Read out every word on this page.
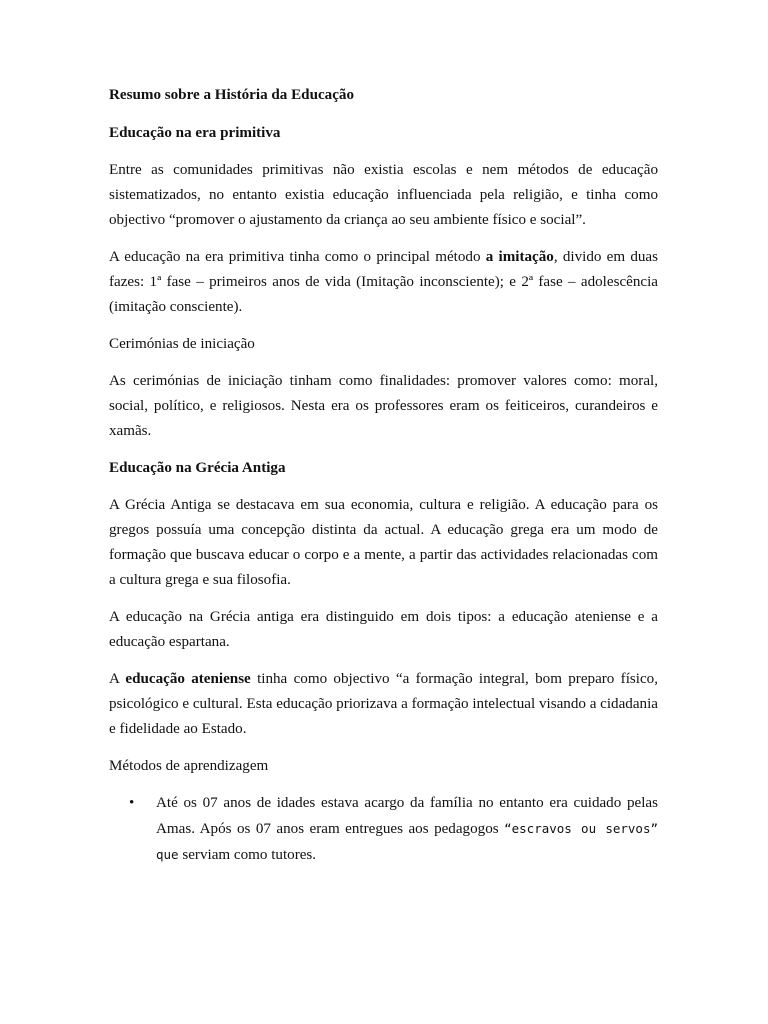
Resumo sobre a História da Educação

Educação na era primitiva

Entre as comunidades primitivas não existia escolas e nem métodos de educação sistematizados, no entanto existia educação influenciada pela religião, e tinha como objectivo “promover o ajustamento da criança ao seu ambiente físico e social”.

A educação na era primitiva tinha como o principal método a imitação, divido em duas fazes: 1ª fase – primeiros anos de vida (Imitação inconsciente); e 2ª fase – adolescência (imitação consciente).

Cerimónias de iniciação

As cerimónias de iniciação tinham como finalidades: promover valores como: moral, social, político, e religiosos. Nesta era os professores eram os feiticeiros, curandeiros e xamãs.

Educação na Grécia Antiga

A Grécia Antiga se destacava em sua economia, cultura e religião. A educação para os gregos possuía uma concepção distinta da actual. A educação grega era um modo de formação que buscava educar o corpo e a mente, a partir das actividades relacionadas com a cultura grega e sua filosofia.

A educação na Grécia antiga era distinguido em dois tipos: a educação ateniense e a educação espartana.

A educação ateniense tinha como objectivo “a formação integral, bom preparo físico, psicológico e cultural. Esta educação priorizava a formação intelectual visando a cidadania e fidelidade ao Estado.

Métodos de aprendizagem

• Até os 07 anos de idades estava acargo da família no entanto era cuidado pelas Amas. Após os 07 anos eram entregues aos pedagogos “escravos ou servos” que serviam como tutores.
